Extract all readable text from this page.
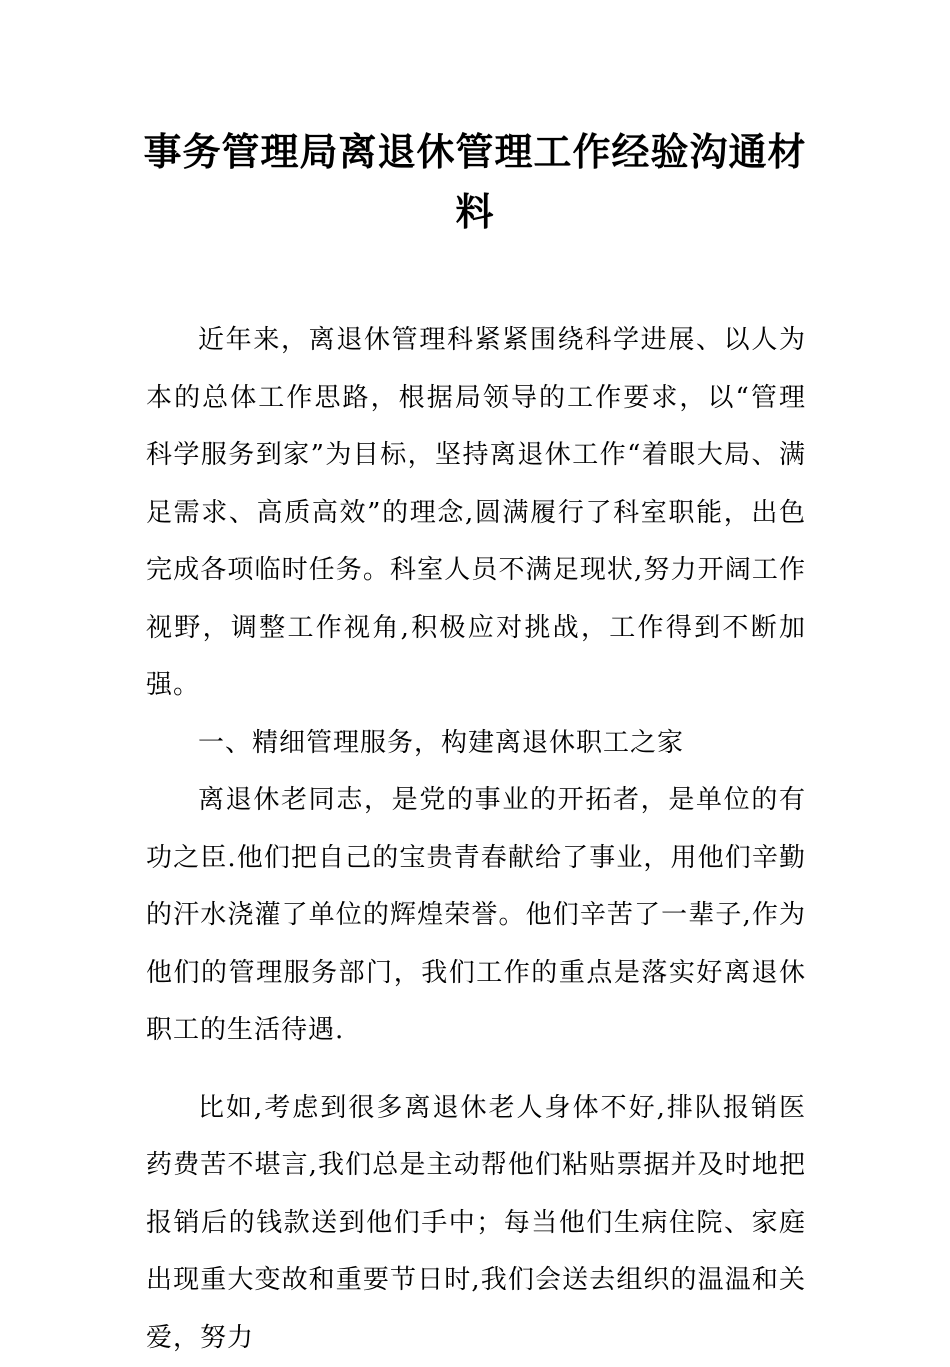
事务管理局离退休管理工作经验沟通材料

近年来，离退休管理科紧紧围绕科学进展、以人为本的总体工作思路，根据局领导的工作要求，以“管理科学服务到家”为目标，坚持离退休工作“着眼大局、满足需求、高质高效”的理念,圆满履行了科室职能，出色完成各项临时任务。科室人员不满足现状,努力开阔工作视野，调整工作视角,积极应对挑战，工作得到不断加强。

一、精细管理服务，构建离退休职工之家

离退休老同志，是党的事业的开拓者，是单位的有功之臣.他们把自己的宝贵青春献给了事业，用他们辛勤的汗水浇灌了单位的辉煌荣誉。他们辛苦了一辈子,作为他们的管理服务部门，我们工作的重点是落实好离退休职工的生活待遇.

比如,考虑到很多离退休老人身体不好,排队报销医药费苦不堪言,我们总是主动帮他们粘贴票据并及时地把报销后的钱款送到他们手中；每当他们生病住院、家庭出现重大变故和重要节日时,我们会送去组织的温温和关爱，努力
